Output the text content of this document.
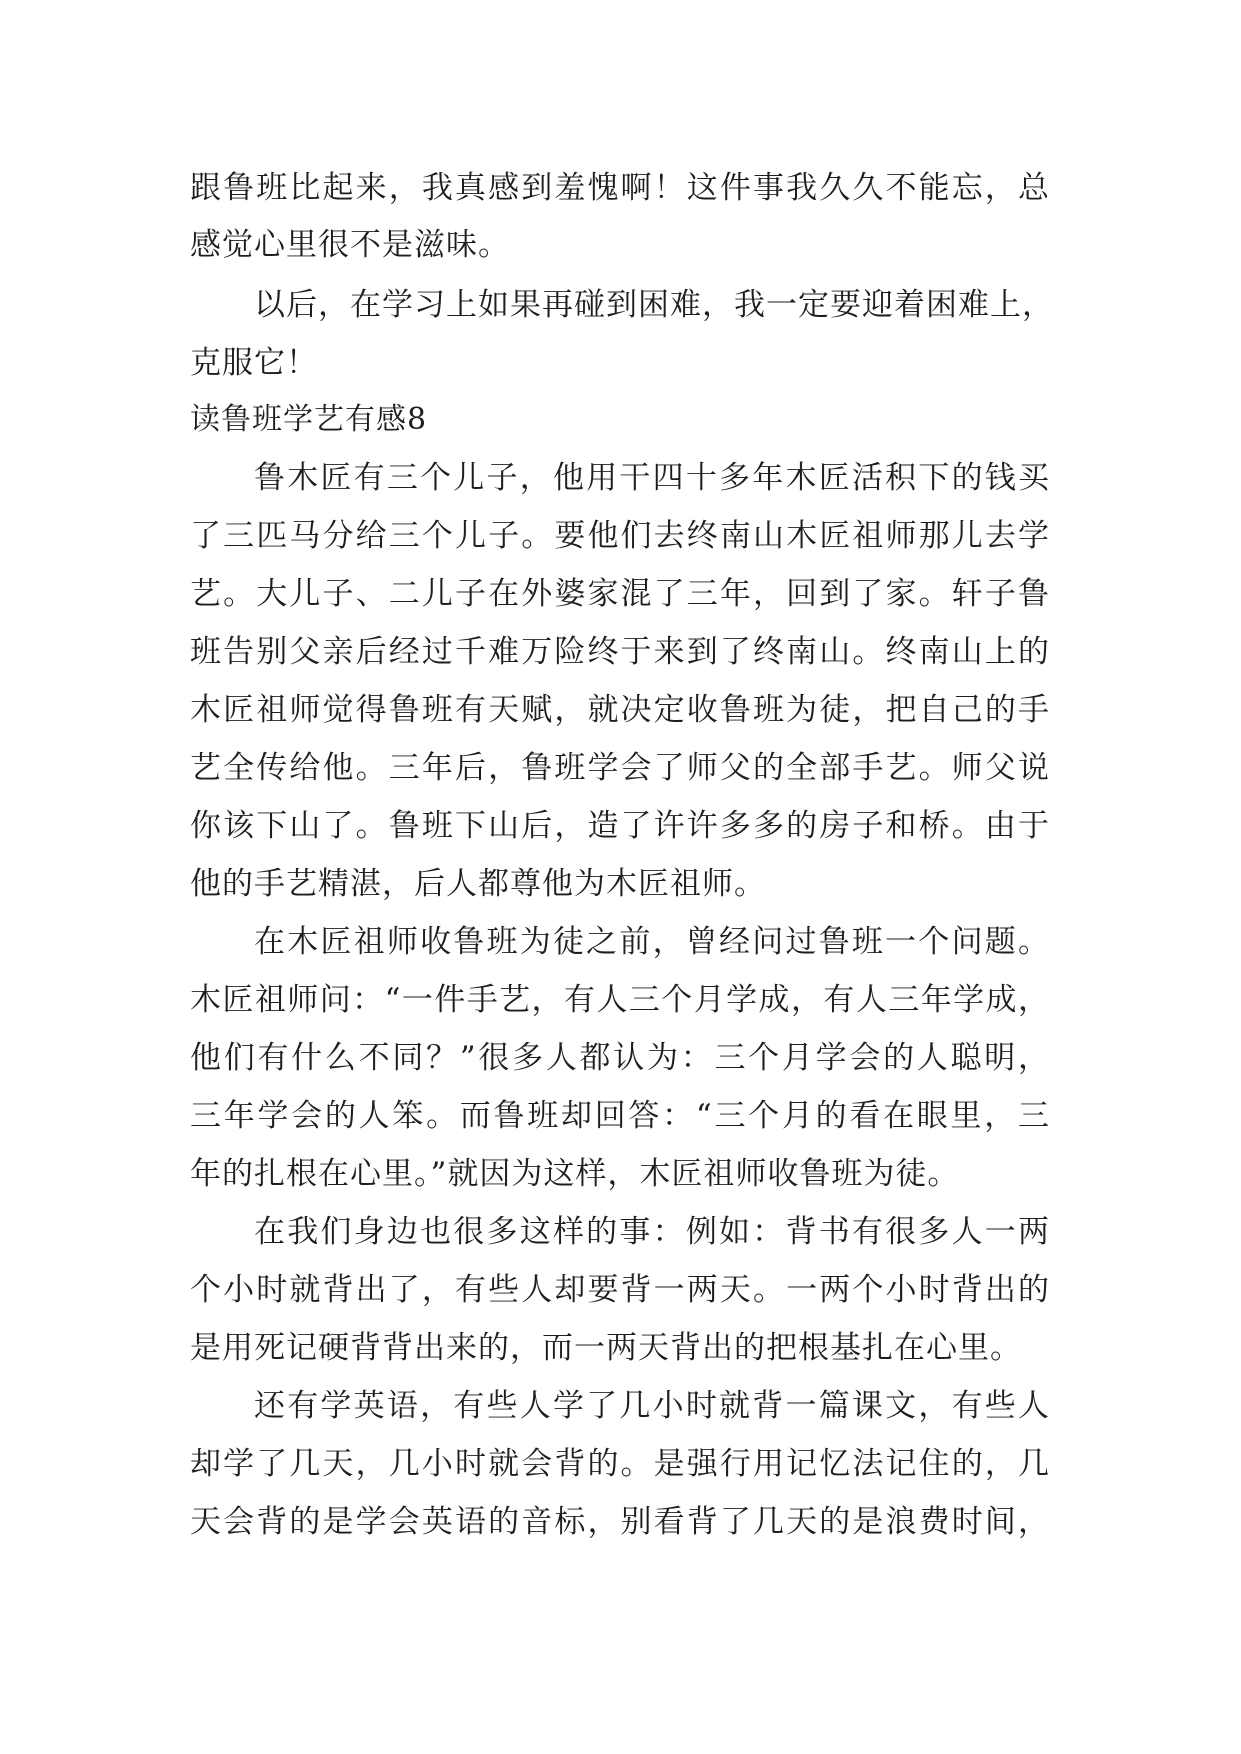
跟鲁班比起来，我真感到羞愧啊！这件事我久久不能忘，总
感觉心里很不是滋味。
以后，在学习上如果再碰到困难，我一定要迎着困难上，
克服它！
读鲁班学艺有感8
鲁木匠有三个儿子，他用干四十多年木匠活积下的钱买
了三匹马分给三个儿子。要他们去终南山木匠祖师那儿去学
艺。大儿子、二儿子在外婆家混了三年，回到了家。轩子鲁
班告别父亲后经过千难万险终于来到了终南山。终南山上的
木匠祖师觉得鲁班有天赋，就决定收鲁班为徒，把自己的手
艺全传给他。三年后，鲁班学会了师父的全部手艺。师父说
你该下山了。鲁班下山后，造了许许多多的房子和桥。由于
他的手艺精湛，后人都尊他为木匠祖师。
在木匠祖师收鲁班为徒之前，曾经问过鲁班一个问题。
木匠祖师问：“一件手艺，有人三个月学成，有人三年学成，
他们有什么不同？”很多人都认为：三个月学会的人聪明，
三年学会的人笨。而鲁班却回答：“三个月的看在眼里，三
年的扎根在心里。”就因为这样，木匠祖师收鲁班为徒。
在我们身边也很多这样的事：例如：背书有很多人一两
个小时就背出了，有些人却要背一两天。一两个小时背出的
是用死记硬背背出来的，而一两天背出的把根基扎在心里。
还有学英语，有些人学了几小时就背一篇课文，有些人
却学了几天，几小时就会背的。是强行用记忆法记住的，几
天会背的是学会英语的音标，别看背了几天的是浪费时间，
